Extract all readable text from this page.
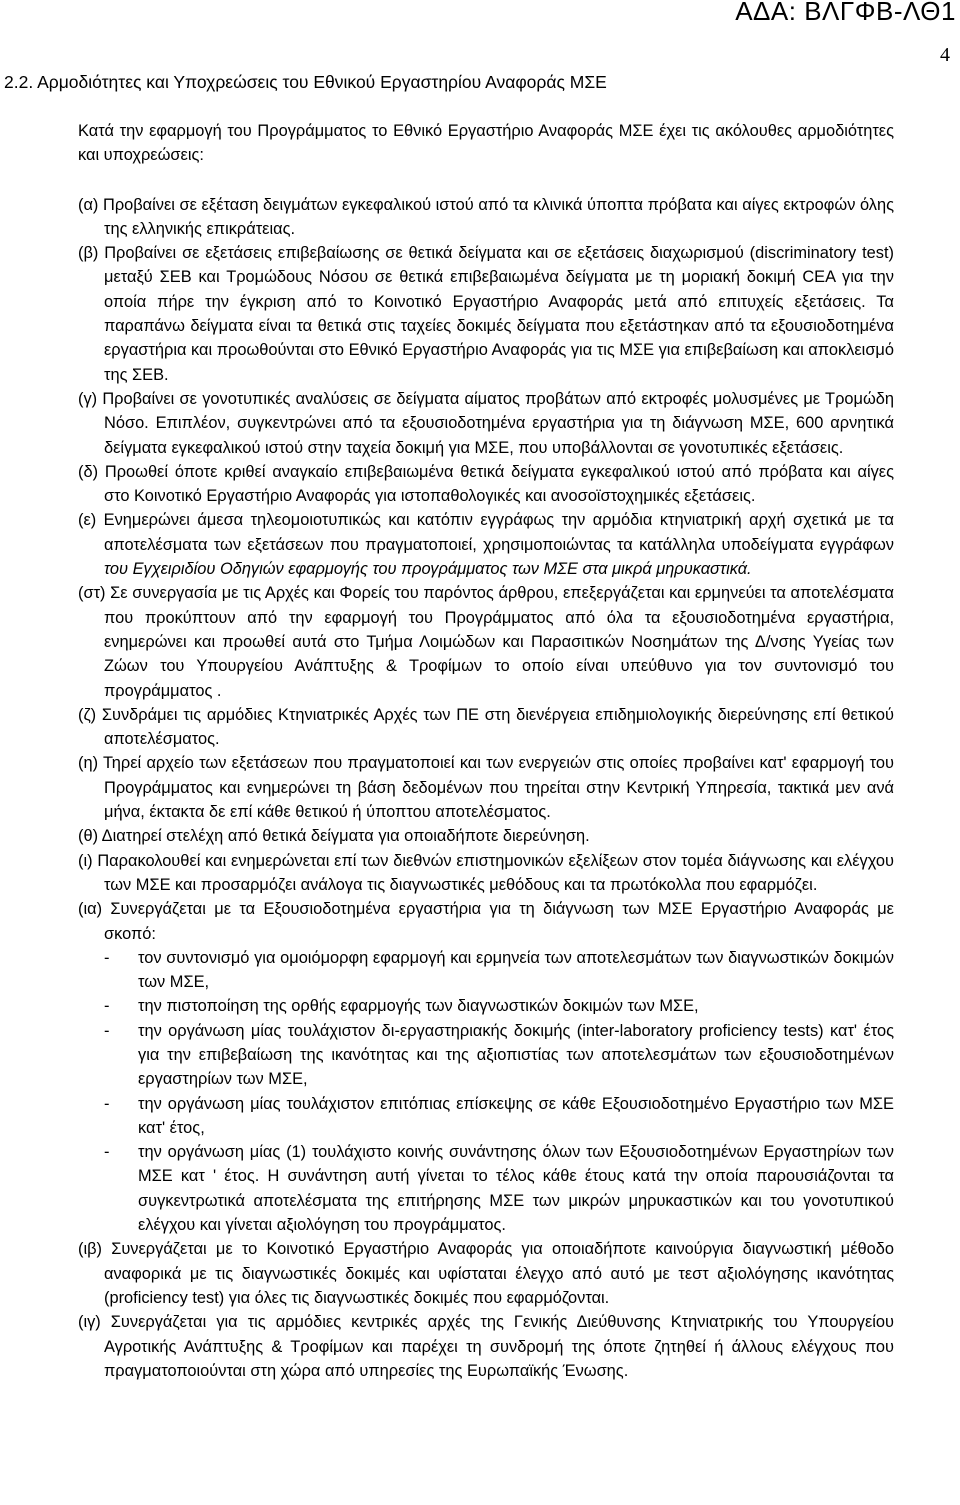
ΑΔΑ: ΒΛΓΦΒ-ΛΘ1
4
2.2. Αρμοδιότητες και Υποχρεώσεις του Εθνικού Εργαστηρίου Αναφοράς ΜΣΕ

Κατά την εφαρμογή του Προγράμματος το Εθνικό Εργαστήριο Αναφοράς ΜΣΕ έχει τις ακόλουθες αρμοδιότητες και υποχρεώσεις:

(α) Προβαίνει σε εξέταση δειγμάτων εγκεφαλικού ιστού από τα κλινικά ύποπτα πρόβατα και αίγες εκτροφών όλης της ελληνικής επικράτειας.

(β) Προβαίνει σε εξετάσεις επιβεβαίωσης σε θετικά δείγματα και σε εξετάσεις διαχωρισμού (discriminatory test) μεταξύ ΣΕΒ και Τρομώδους Νόσου σε θετικά επιβεβαιωμένα δείγματα με τη μοριακή δοκιμή CEA για την οποία πήρε την έγκριση από το Κοινοτικό Εργαστήριο Αναφοράς μετά από επιτυχείς εξετάσεις. Τα παραπάνω δείγματα είναι τα θετικά στις ταχείες δοκιμές δείγματα που εξετάστηκαν από τα εξουσιοδοτημένα εργαστήρια και προωθούνται στο Εθνικό Εργαστήριο Αναφοράς για τις ΜΣΕ για επιβεβαίωση και αποκλεισμό της ΣΕΒ.

(γ) Προβαίνει σε γονοτυπικές αναλύσεις σε δείγματα αίματος προβάτων από εκτροφές μολυσμένες με Τρομώδη Νόσο. Επιπλέον, συγκεντρώνει από τα εξουσιοδοτημένα εργαστήρια για τη διάγνωση ΜΣΕ, 600 αρνητικά δείγματα εγκεφαλικού ιστού στην ταχεία δοκιμή για ΜΣΕ, που υποβάλλονται σε γονοτυπικές εξετάσεις.

(δ) Προωθεί όποτε κριθεί αναγκαίο επιβεβαιωμένα θετικά δείγματα εγκεφαλικού ιστού από πρόβατα και αίγες στο Κοινοτικό Εργαστήριο Αναφοράς για ιστοπαθολογικές και ανοσοϊστοχημικές εξετάσεις.

(ε) Ενημερώνει άμεσα τηλεομοιοτυπικώς και κατόπιν εγγράφως την αρμόδια κτηνιατρική αρχή σχετικά με τα αποτελέσματα των εξετάσεων που πραγματοποιεί, χρησιμοποιώντας τα κατάλληλα υποδείγματα εγγράφων του Εγχειριδίου Οδηγιών εφαρμογής του προγράμματος των ΜΣΕ στα μικρά μηρυκαστικά.

(στ) Σε συνεργασία με τις Αρχές και Φορείς του παρόντος άρθρου, επεξεργάζεται και ερμηνεύει τα αποτελέσματα που προκύπτουν από την εφαρμογή του Προγράμματος από όλα τα εξουσιοδοτημένα εργαστήρια, ενημερώνει και προωθεί αυτά στο Τμήμα Λοιμώδων και Παρασιτικών Νοσημάτων της Δ/νσης Υγείας των Ζώων του Υπουργείου Ανάπτυξης & Τροφίμων το οποίο είναι υπεύθυνο για τον συντονισμό του προγράμματος .

(ζ) Συνδράμει τις αρμόδιες Κτηνιατρικές Αρχές των ΠΕ στη διενέργεια επιδημιολογικής διερεύνησης επί θετικού αποτελέσματος.

(η) Τηρεί αρχείο των εξετάσεων που πραγματοποιεί και των ενεργειών στις οποίες προβαίνει κατ' εφαρμογή του Προγράμματος και ενημερώνει τη βάση δεδομένων που τηρείται στην Κεντρική Υπηρεσία, τακτικά μεν ανά μήνα, έκτακτα δε επί κάθε θετικού ή ύποπτου αποτελέσματος.

(θ) Διατηρεί στελέχη από θετικά δείγματα για οποιαδήποτε διερεύνηση.

(ι) Παρακολουθεί και ενημερώνεται επί των διεθνών επιστημονικών εξελίξεων στον τομέα διάγνωσης και ελέγχου των ΜΣΕ και προσαρμόζει ανάλογα τις διαγνωστικές μεθόδους και τα πρωτόκολλα που εφαρμόζει.

(ια) Συνεργάζεται με τα Εξουσιοδοτημένα εργαστήρια για τη διάγνωση των ΜΣΕ Εργαστήριο Αναφοράς με σκοπό:

- τον συντονισμό για ομοιόμορφη εφαρμογή και ερμηνεία των αποτελεσμάτων των διαγνωστικών δοκιμών των ΜΣΕ,
- την πιστοποίηση της ορθής εφαρμογής των διαγνωστικών δοκιμών των ΜΣΕ,
- την οργάνωση μίας τουλάχιστον δι-εργαστηριακής δοκιμής (inter-laboratory proficiency tests) κατ' έτος για την επιβεβαίωση της ικανότητας και της αξιοπιστίας των αποτελεσμάτων των εξουσιοδοτημένων εργαστηρίων των ΜΣΕ,
- την οργάνωση μίας τουλάχιστον επιτόπιας επίσκεψης σε κάθε Εξουσιοδοτημένο Εργαστήριο των ΜΣΕ κατ' έτος,
- την οργάνωση μίας (1) τουλάχιστο κοινής συνάντησης όλων των Εξουσιοδοτημένων Εργαστηρίων των ΜΣΕ κατ ' έτος. Η συνάντηση αυτή γίνεται το τέλος κάθε έτους κατά την οποία παρουσιάζονται τα συγκεντρωτικά αποτελέσματα της επιτήρησης ΜΣΕ των μικρών μηρυκαστικών και του γονοτυπικού ελέγχου και γίνεται αξιολόγηση του προγράμματος.

(ιβ) Συνεργάζεται με το Κοινοτικό Εργαστήριο Αναφοράς για οποιαδήποτε καινούργια διαγνωστική μέθοδο αναφορικά με τις διαγνωστικές δοκιμές και υφίσταται έλεγχο από αυτό με τεστ αξιολόγησης ικανότητας (proficiency test) για όλες τις διαγνωστικές δοκιμές που εφαρμόζονται.

(ιγ) Συνεργάζεται για τις αρμόδιες κεντρικές αρχές της Γενικής Διεύθυνσης Κτηνιατρικής του Υπουργείου Αγροτικής Ανάπτυξης & Τροφίμων και παρέχει τη συνδρομή της όποτε ζητηθεί ή άλλους ελέγχους που πραγματοποιούνται στη χώρα από υπηρεσίες της Ευρωπαϊκής Ένωσης.
